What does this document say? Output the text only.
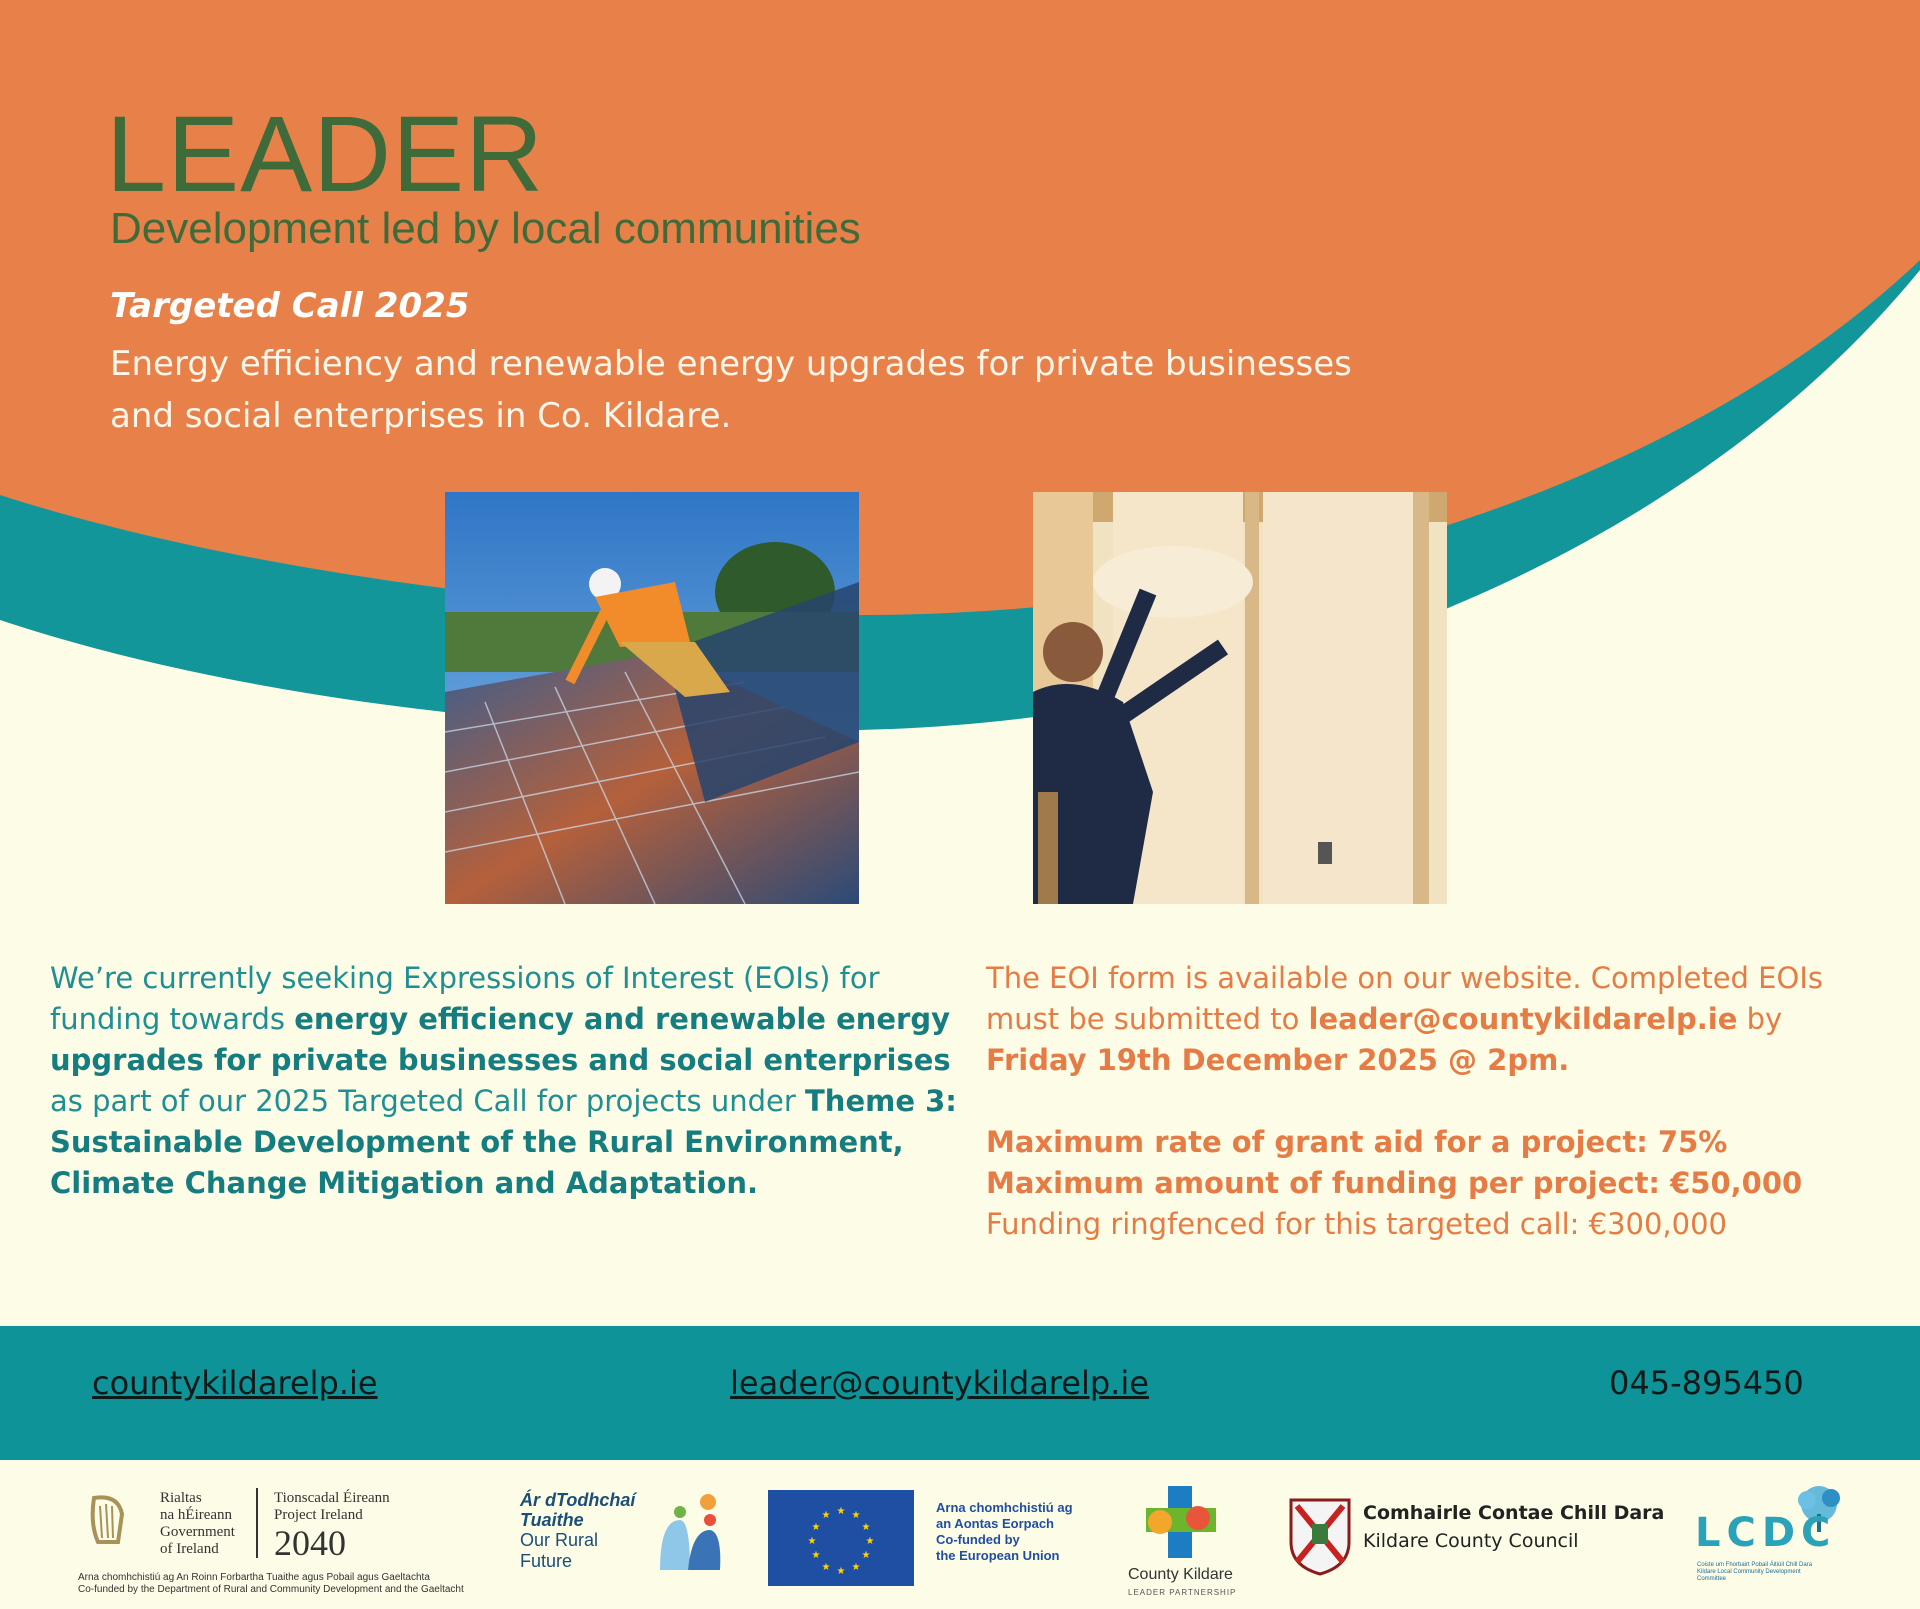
LEADER
Development led by local communities
Targeted Call 2025
Energy efficiency and renewable energy upgrades for private businesses
and social enterprises in Co. Kildare.

We’re currently seeking Expressions of Interest (EOIs) for funding towards energy efficiency and renewable energy upgrades for private businesses and social enterprises as part of our 2025 Targeted Call for projects under Theme 3: Sustainable Development of the Rural Environment, Climate Change Mitigation and Adaptation.

The EOI form is available on our website. Completed EOIs must be submitted to leader@countykildarelp.ie by Friday 19th December 2025 @ 2pm.

Maximum rate of grant aid for a project: 75%

Maximum amount of funding per project: €50,000

Funding ringfenced for this targeted call: €300,000

countykildarelp.ie	leader@countykildarelp.ie	045-895450
Rialtas
na hÉireann
Government
of Ireland
Tionscadal Éireann
Project Ireland
2040
Arna chomhchistiú ag An Roinn Forbartha Tuaithe agus Pobail agus Gaeltachta
Co-funded by the Department of Rural and Community Development and the Gaeltacht
Ár dTodhchaí
Tuaithe
Our Rural
Future
★ ★
★
★
★
★
★
★
★
★
★
★
Arna chomhchistiú ag
an Aontas Eorpach
Co-funded by
the European Union
County Kildare
LEADER PARTNERSHIP
Comhairle Contae Chill Dara
Kildare County Council	LCDC
Coiste um Fhorbairt Pobail Áitiúil Chill Dara
Kildare Local Community Development
Committee
